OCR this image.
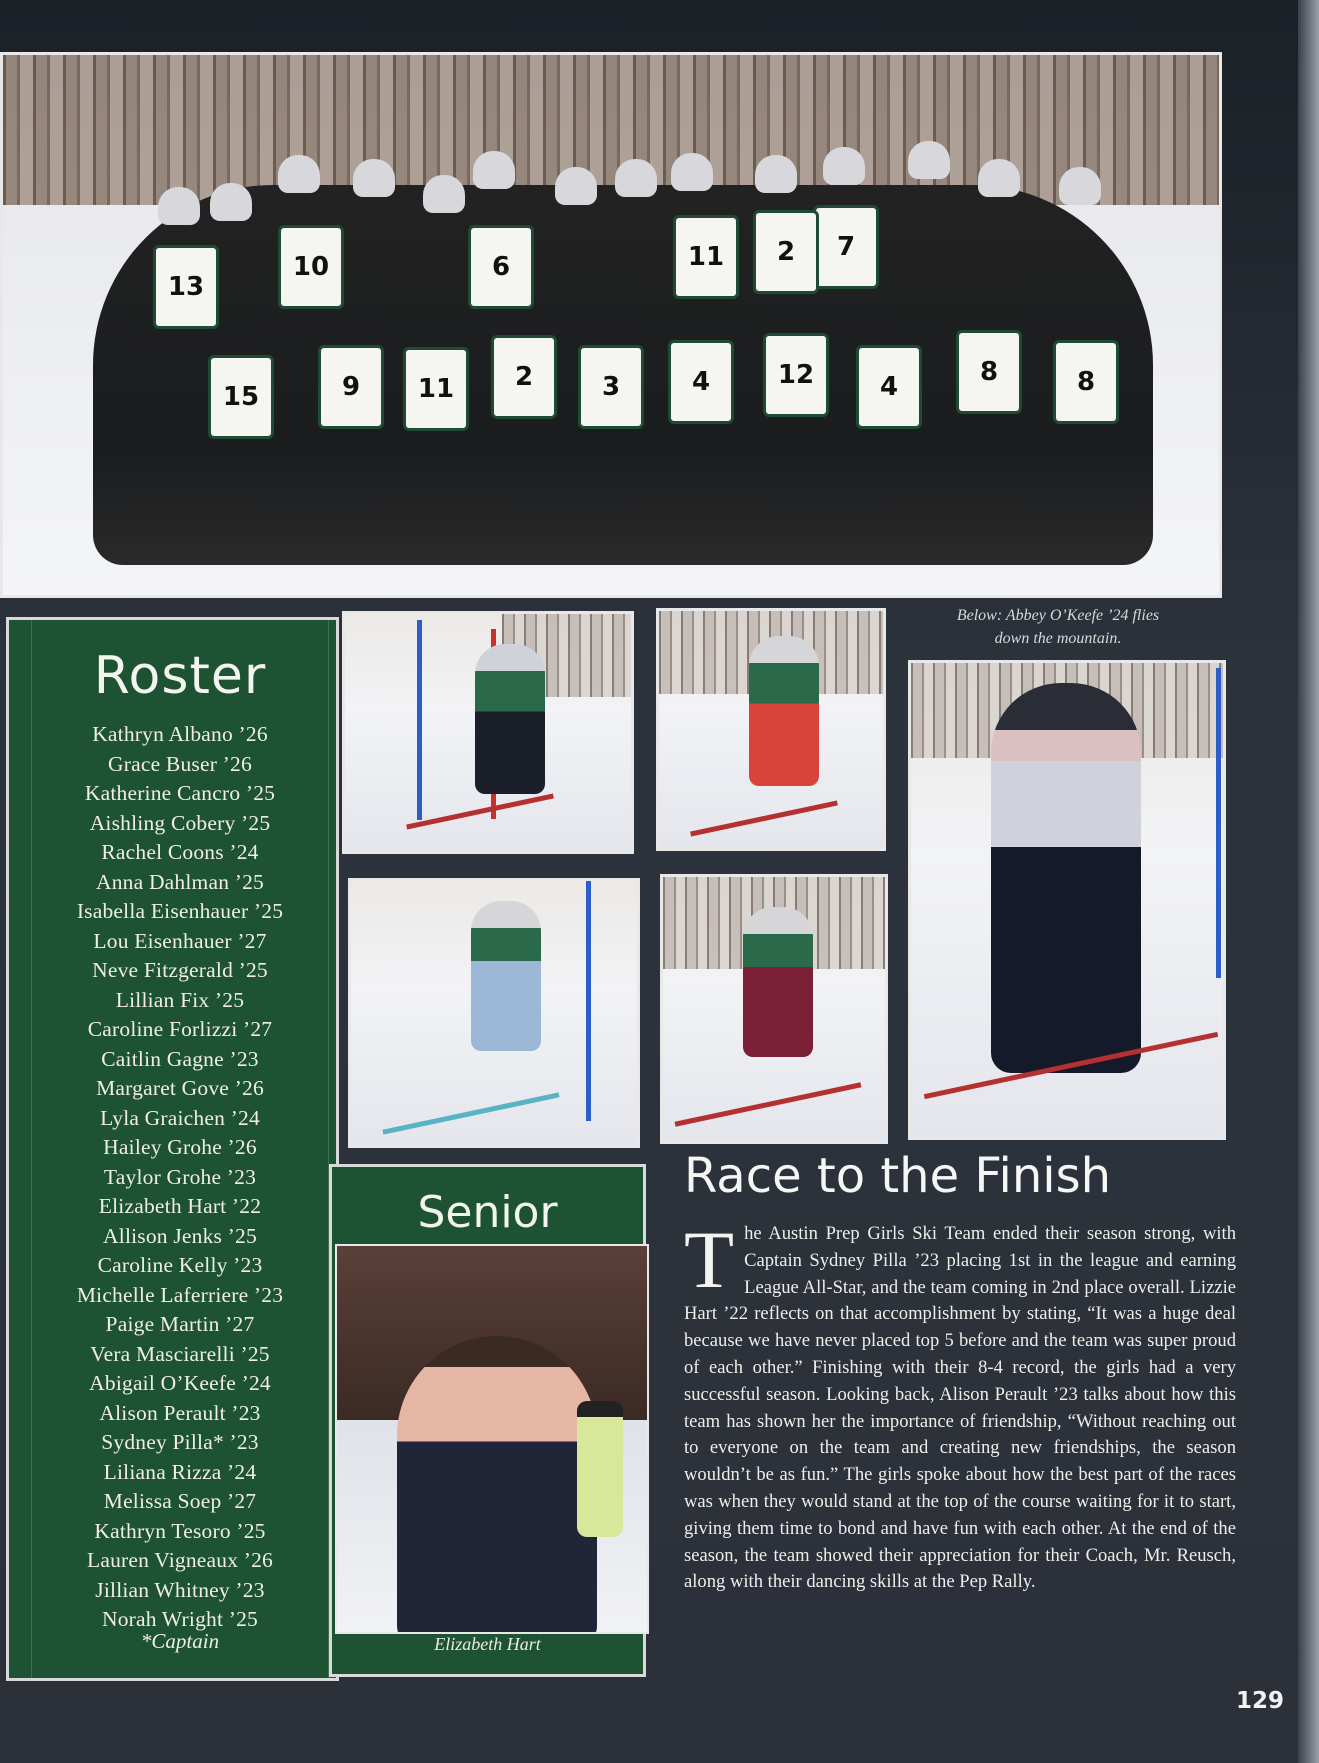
10
13
6
7
2
11
15	9	11	2	3	4	12	4	8	8
Below: Abbey O’Keefe ’24 flies
down the mountain.
Roster
Kathryn Albano ’26
Grace Buser ’26
Katherine Cancro ’25
Aishling Cobery ’25
Rachel Coons ’24
Anna Dahlman ’25
Isabella Eisenhauer ’25
Lou Eisenhauer ’27
Neve Fitzgerald ’25
Lillian Fix ’25
Caroline Forlizzi ’27
Caitlin Gagne ’23
Margaret Gove ’26
Lyla Graichen ’24
Hailey Grohe ’26
Taylor Grohe ’23
Elizabeth Hart ’22
Allison Jenks ’25
Caroline Kelly ’23
Michelle Laferriere ’23
Paige Martin ’27
Vera Masciarelli ’25
Abigail O’Keefe ’24
Alison Perault ’23
Sydney Pilla* ’23
Liliana Rizza ’24
Melissa Soep ’27
Kathryn Tesoro ’25
Lauren Vigneaux ’26
Jillian Whitney ’23
Norah Wright ’25
*Captain
Senior
Elizabeth Hart
Race to the Finish
The Austin Prep Girls Ski Team ended their season strong, with Captain Sydney Pilla ’23 placing 1st in the league and earning League All-Star, and the team coming in 2nd place overall. Lizzie Hart ’22 reflects on that accomplishment by stating, “It was a huge deal because we have never placed top 5 before and the team was super proud of each other.” Finishing with their 8-4 record, the girls had a very successful season. Looking back, Alison Perault ’23 talks about how this team has shown her the importance of friendship, “Without reaching out to everyone on the team and creating new friendships, the season wouldn’t be as fun.” The girls spoke about how the best part of the races was when they would stand at the top of the course waiting for it to start, giving them time to bond and have fun with each other. At the end of the season, the team showed their appreciation for their Coach, Mr. Reusch, along with their dancing skills at the Pep Rally.
129
